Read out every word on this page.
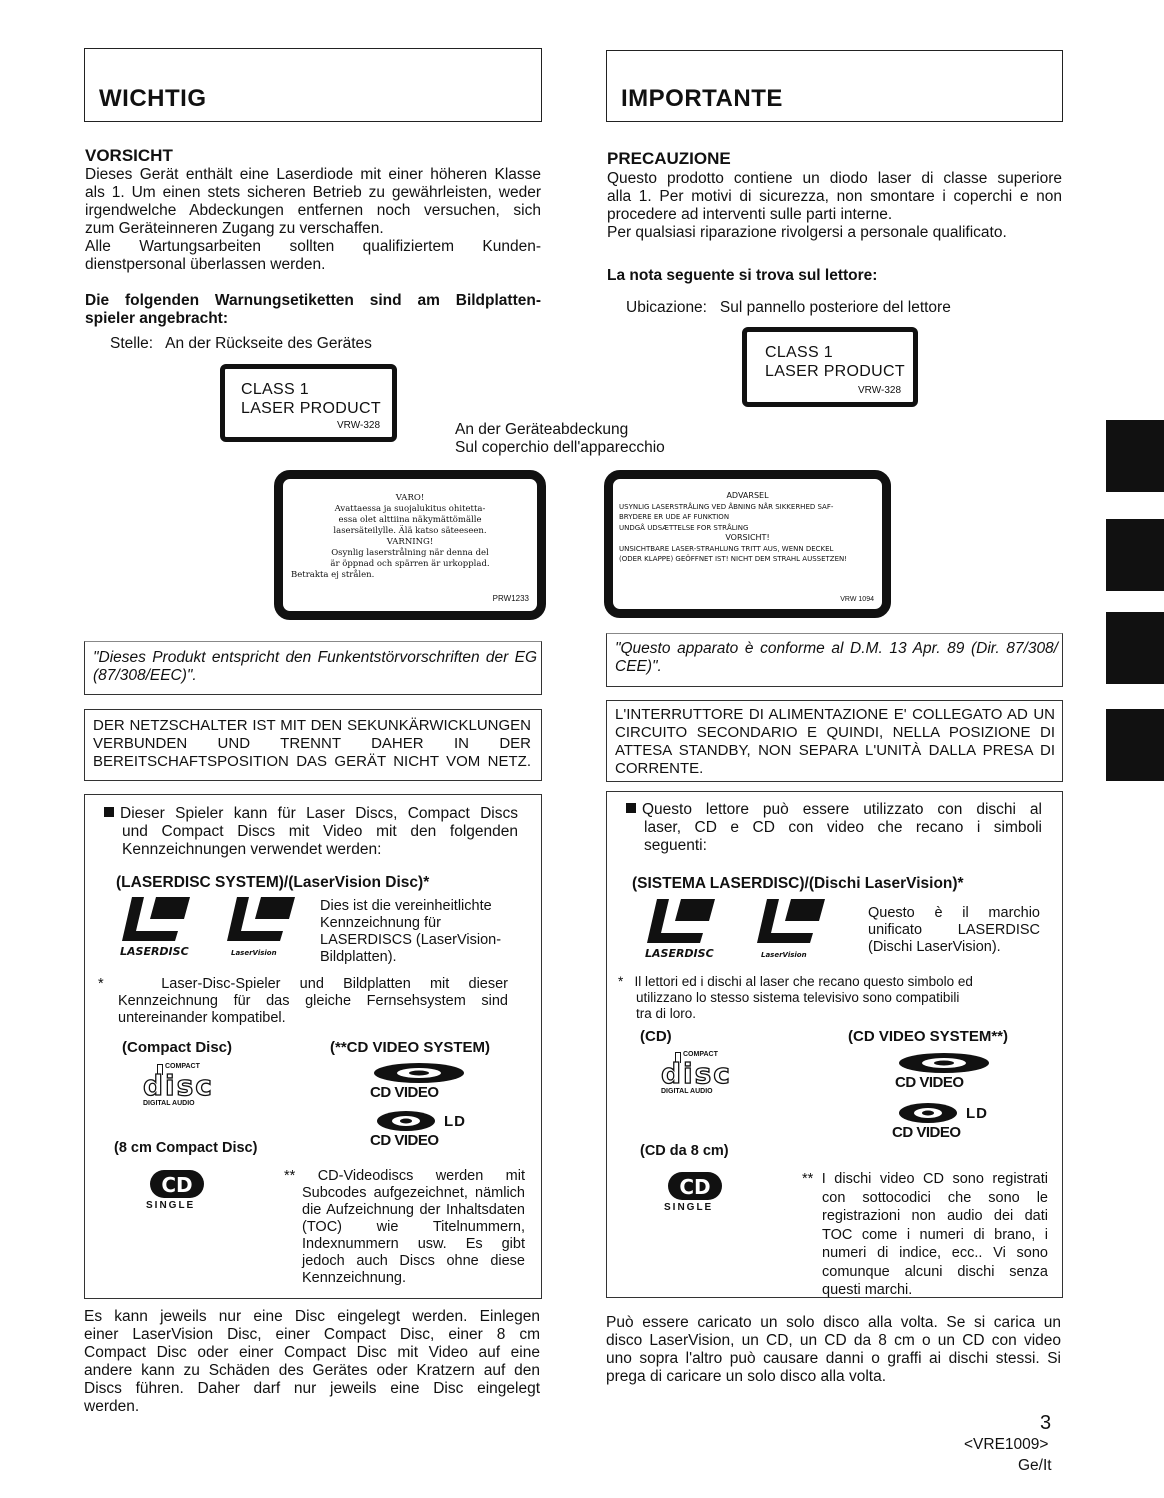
WICHTIG	IMPORTANTE
VORSICHT
Dieses Gerät enthält eine Laserdiode mit einer höheren Klasse
als 1. Um einen stets sicheren Betrieb zu gewährleisten, weder
irgendwelche Abdeckungen entfernen noch versuchen, sich
zum Geräteinneren Zugang zu verschaffen.
Alle Wartungsarbeiten sollten qualifiziertem Kunden-
dienstpersonal überlassen werden.
Die folgenden Warnungsetiketten sind am Bildplatten-
spieler angebracht:
Stelle:   An der Rückseite des Gerätes
CLASS 1
LASER PRODUCT
VRW-328	An der Geräteabdeckung
Sul coperchio dell'apparecchio
VARO!
Avattaessa ja suojalukitus ohitetta-
essa olet alttiina näkymättömälle
lasersäteilylle. Älä katso säteeseen.
VARNING!
Osynlig laserstrålning när denna del
är öppnad och spärren är urkopplad.
Betrakta ej strålen.
PRW1233
PRECAUZIONE
Questo prodotto contiene un diodo laser di classe superiore
alla 1. Per motivi di sicurezza, non smontare i coperchi e non
procedere ad interventi sulle parti interne.
Per qualsiasi riparazione rivolgersi a personale qualificato.
La nota seguente si trova sul lettore:
Ubicazione:   Sul pannello posteriore del lettore
CLASS 1
LASER PRODUCT
VRW-328
ADVARSEL
USYNLIG LASERSTRÅLING VED ÅBNING NÅR SIKKERHED SAF-
BRYDERE ER UDE AF FUNKTION
UNDGÅ UDSÆTTELSE FOR STRÅLING
VORSICHT!
UNSICHTBARE LASER-STRAHLUNG TRITT AUS, WENN DECKEL
(ODER KLAPPE) GEÖFFNET IST! NICHT DEM STRAHL AUSSETZEN!
VRW 1094
"Dieses Produkt entspricht den Funkentstörvorschriften der EG
(87/308/EEC)".
"Questo apparato è conforme al D.M. 13 Apr. 89 (Dir. 87/308/
CEE)".
DER NETZSCHALTER IST MIT DEN SEKUNKÄRWICKLUNGEN
VERBUNDEN UND TRENNT DAHER IN DER
BEREITSCHAFTSPOSITION DAS GERÄT NICHT VOM NETZ.
L'INTERRUTTORE DI ALIMENTAZIONE E' COLLEGATO AD UN
CIRCUITO SECONDARIO E QUINDI, NELLA POSIZIONE DI
ATTESA STANDBY, NON SEPARA L'UNITÀ DALLA PRESA DI
CORRENTE.
Dieser Spieler kann für Laser Discs, Compact Discs
und Compact Discs mit Video mit den folgenden
Kennzeichnungen verwendet werden:
(LASERDISC SYSTEM)/(LaserVision Disc)*
LASERDISC	LaserVision
Dies ist die vereinheitlichte
Kennzeichnung für
LASERDISCS (LaserVision-
Bildplatten).
*   Laser-Disc-Spieler und Bildplatten mit dieser
Kennzeichnung für das gleiche Fernsehsystem sind
untereinander kompatibel.
(Compact Disc)	(**CD VIDEO SYSTEM)
COMPACT
disc
DIGITAL AUDIO
CD VIDEO
LD
CD VIDEO
(8 cm Compact Disc)
CD
SINGLE
** CD-Videodiscs werden mit
Subcodes aufgezeichnet, nämlich
die Aufzeichnung der Inhaltsdaten
(TOC) wie Titelnummern,
Indexnummern usw. Es gibt
jedoch auch Discs ohne diese
Kennzeichnung.
Es kann jeweils nur eine Disc eingelegt werden. Einlegen
einer LaserVision Disc, einer Compact Disc, einer 8 cm
Compact Disc oder einer Compact Disc mit Video auf eine
andere kann zu Schäden des Gerätes oder Kratzern auf den
Discs führen. Daher darf nur jeweils eine Disc eingelegt
werden.
Questo lettore può essere utilizzato con dischi al
laser, CD e CD con video che recano i simboli
seguenti:
(SISTEMA LASERDISC)/(Dischi LaserVision)*
LASERDISC	LaserVision
Questo è il marchio
unificato LASERDISC
(Dischi LaserVision).
*   Il lettori ed i dischi al laser che recano questo simbolo ed
utilizzano lo stesso sistema televisivo sono compatibili
tra di loro.
(CD)	(CD VIDEO SYSTEM**)
COMPACT
disc
DIGITAL AUDIO
CD VIDEO
LD
CD VIDEO
(CD da 8 cm)
CD
SINGLE
** I dischi video CD sono registrati
con sottocodici che sono le
registrazioni non audio dei dati
TOC come i numeri di brano, i
numeri di indice, ecc.. Vi sono
comunque alcuni dischi senza
questi marchi.
Può essere caricato un solo disco alla volta. Se si carica un
disco LaserVision, un CD, un CD da 8 cm o un CD con video
uno sopra l'altro può causare danni o graffi ai dischi stessi. Si
prega di caricare un solo disco alla volta.
3
<VRE1009>
Ge/It
